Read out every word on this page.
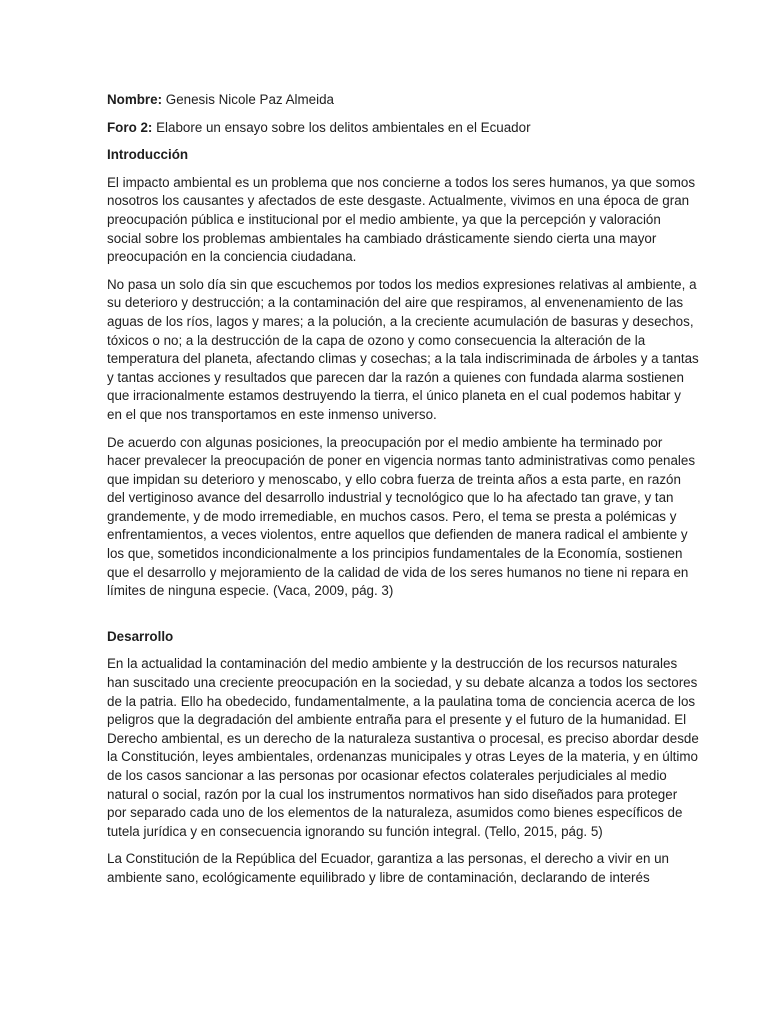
Nombre: Genesis Nicole Paz Almeida

Foro 2: Elabore un ensayo sobre los delitos ambientales en el Ecuador

Introducción

El impacto ambiental es un problema que nos concierne a todos los seres humanos, ya que somos
nosotros los causantes y afectados de este desgaste. Actualmente, vivimos en una época de gran
preocupación pública e institucional por el medio ambiente, ya que la percepción y valoración
social sobre los problemas ambientales ha cambiado drásticamente siendo cierta una mayor
preocupación en la conciencia ciudadana.

No pasa un solo día sin que escuchemos por todos los medios expresiones relativas al ambiente, a
su deterioro y destrucción; a la contaminación del aire que respiramos, al envenenamiento de las
aguas de los ríos, lagos y mares; a la polución, a la creciente acumulación de basuras y desechos,
tóxicos o no; a la destrucción de la capa de ozono y como consecuencia la alteración de la
temperatura del planeta, afectando climas y cosechas; a la tala indiscriminada de árboles y a tantas
y tantas acciones y resultados que parecen dar la razón a quienes con fundada alarma sostienen
que irracionalmente estamos destruyendo la tierra, el único planeta en el cual podemos habitar y
en el que nos transportamos en este inmenso universo.

De acuerdo con algunas posiciones, la preocupación por el medio ambiente ha terminado por
hacer prevalecer la preocupación de poner en vigencia normas tanto administrativas como penales
que impidan su deterioro y menoscabo, y ello cobra fuerza de treinta años a esta parte, en razón
del vertiginoso avance del desarrollo industrial y tecnológico que lo ha afectado tan grave, y tan
grandemente, y de modo irremediable, en muchos casos. Pero, el tema se presta a polémicas y
enfrentamientos, a veces violentos, entre aquellos que defienden de manera radical el ambiente y
los que, sometidos incondicionalmente a los principios fundamentales de la Economía, sostienen
que el desarrollo y mejoramiento de la calidad de vida de los seres humanos no tiene ni repara en
límites de ninguna especie. (Vaca, 2009, pág. 3)

Desarrollo

En la actualidad la contaminación del medio ambiente y la destrucción de los recursos naturales
han suscitado una creciente preocupación en la sociedad, y su debate alcanza a todos los sectores
de la patria. Ello ha obedecido, fundamentalmente, a la paulatina toma de conciencia acerca de los
peligros que la degradación del ambiente entraña para el presente y el futuro de la humanidad. El
Derecho ambiental, es un derecho de la naturaleza sustantiva o procesal, es preciso abordar desde
la Constitución, leyes ambientales, ordenanzas municipales y otras Leyes de la materia, y en último
de los casos sancionar a las personas por ocasionar efectos colaterales perjudiciales al medio
natural o social, razón por la cual los instrumentos normativos han sido diseñados para proteger
por separado cada uno de los elementos de la naturaleza, asumidos como bienes específicos de
tutela jurídica y en consecuencia ignorando su función integral. (Tello, 2015, pág. 5)

La Constitución de la República del Ecuador, garantiza a las personas, el derecho a vivir en un
ambiente sano, ecológicamente equilibrado y libre de contaminación, declarando de interés
